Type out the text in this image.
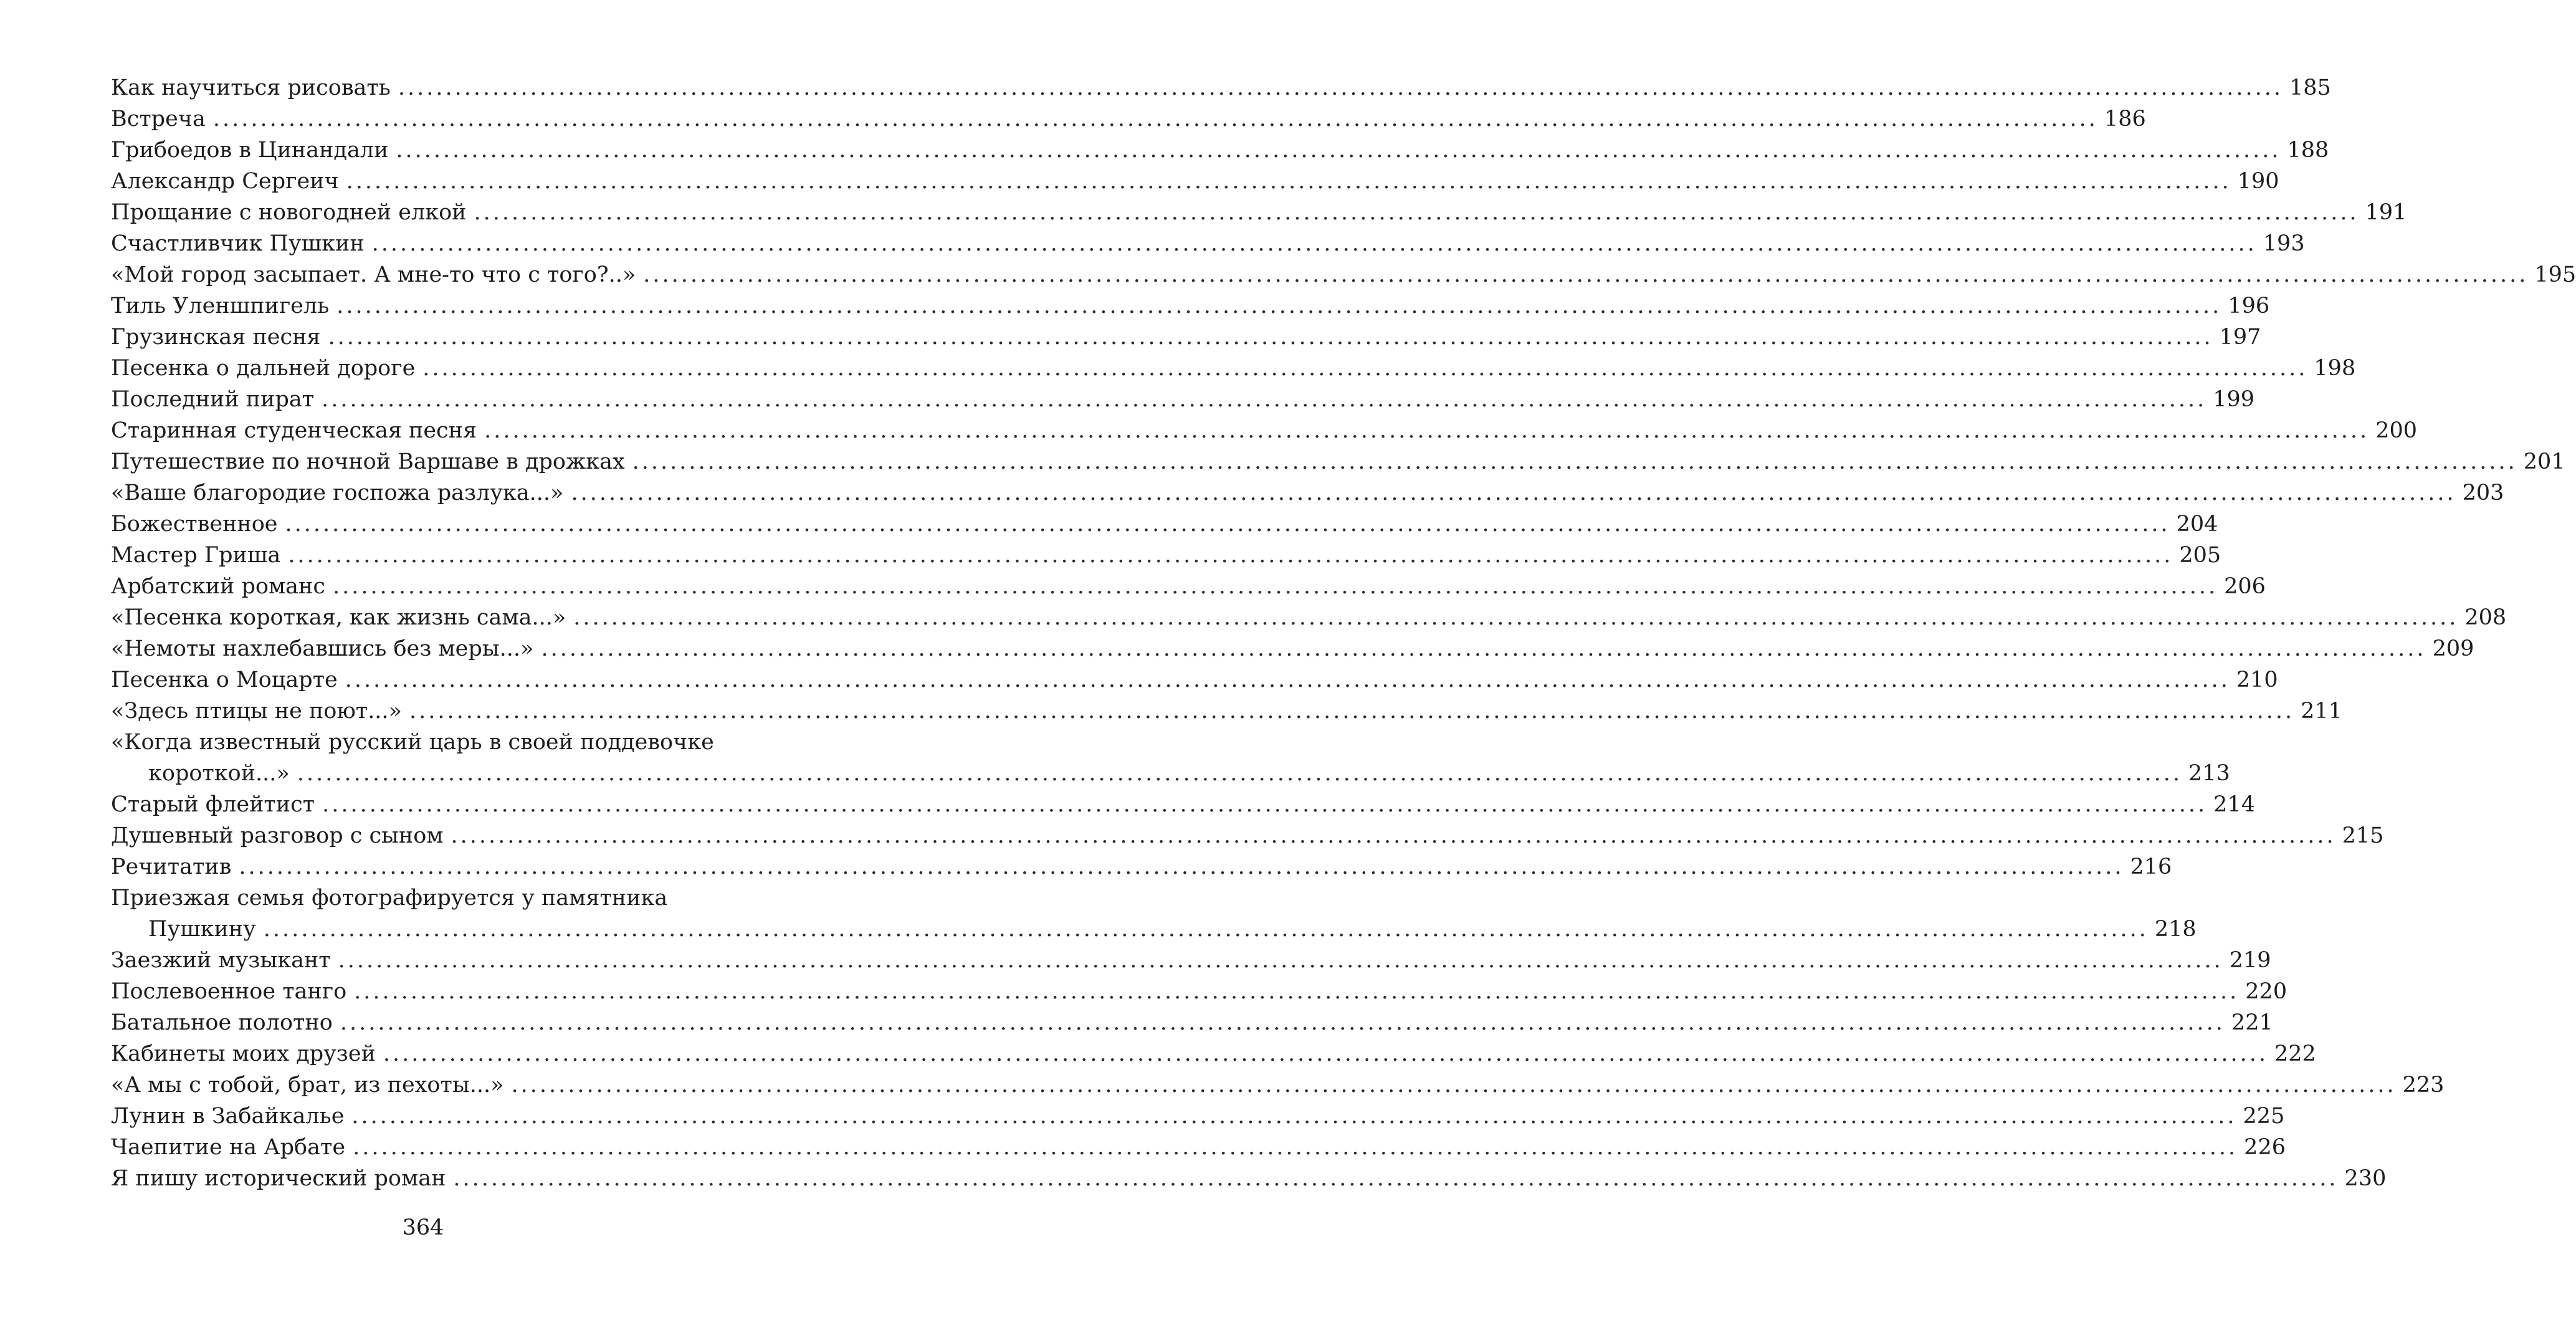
Как научиться рисовать ........................................................................................................................................................................................................ 185
Встреча ........................................................................................................................................................................................................ 186
Грибоедов в Цинандали ........................................................................................................................................................................................................ 188
Александр Сергеич ........................................................................................................................................................................................................ 190
Прощание с новогодней елкой ........................................................................................................................................................................................................ 191
Счастливчик Пушкин ........................................................................................................................................................................................................ 193
«Мой город засыпает. А мне-то что с того?..» ........................................................................................................................................................................................................ 195
Тиль Уленшпигель ........................................................................................................................................................................................................ 196
Грузинская песня ........................................................................................................................................................................................................ 197
Песенка о дальней дороге ........................................................................................................................................................................................................ 198
Последний пират ........................................................................................................................................................................................................ 199
Старинная студенческая песня ........................................................................................................................................................................................................ 200
Путешествие по ночной Варшаве в дрожках ........................................................................................................................................................................................................ 201
«Ваше благородие госпожа разлука...» ........................................................................................................................................................................................................ 203
Божественное ........................................................................................................................................................................................................ 204
Мастер Гриша ........................................................................................................................................................................................................ 205
Арбатский романс ........................................................................................................................................................................................................ 206
«Песенка короткая, как жизнь сама...» ........................................................................................................................................................................................................ 208
«Немоты нахлебавшись без меры...» ........................................................................................................................................................................................................ 209
Песенка о Моцарте ........................................................................................................................................................................................................ 210
«Здесь птицы не поют...» ........................................................................................................................................................................................................ 211
«Когда известный русский царь в своей поддевочке
короткой...» ........................................................................................................................................................................................................ 213
Старый флейтист ........................................................................................................................................................................................................ 214
Душевный разговор с сыном ........................................................................................................................................................................................................ 215
Речитатив ........................................................................................................................................................................................................ 216
Приезжая семья фотографируется у памятника
Пушкину ........................................................................................................................................................................................................ 218
Заезжий музыкант ........................................................................................................................................................................................................ 219
Послевоенное танго ........................................................................................................................................................................................................ 220
Батальное полотно ........................................................................................................................................................................................................ 221
Кабинеты моих друзей ........................................................................................................................................................................................................ 222
«А мы с тобой, брат, из пехоты...» ........................................................................................................................................................................................................ 223
Лунин в Забайкалье ........................................................................................................................................................................................................ 225
Чаепитие на Арбате ........................................................................................................................................................................................................ 226
Я пишу исторический роман ........................................................................................................................................................................................................ 230
364
